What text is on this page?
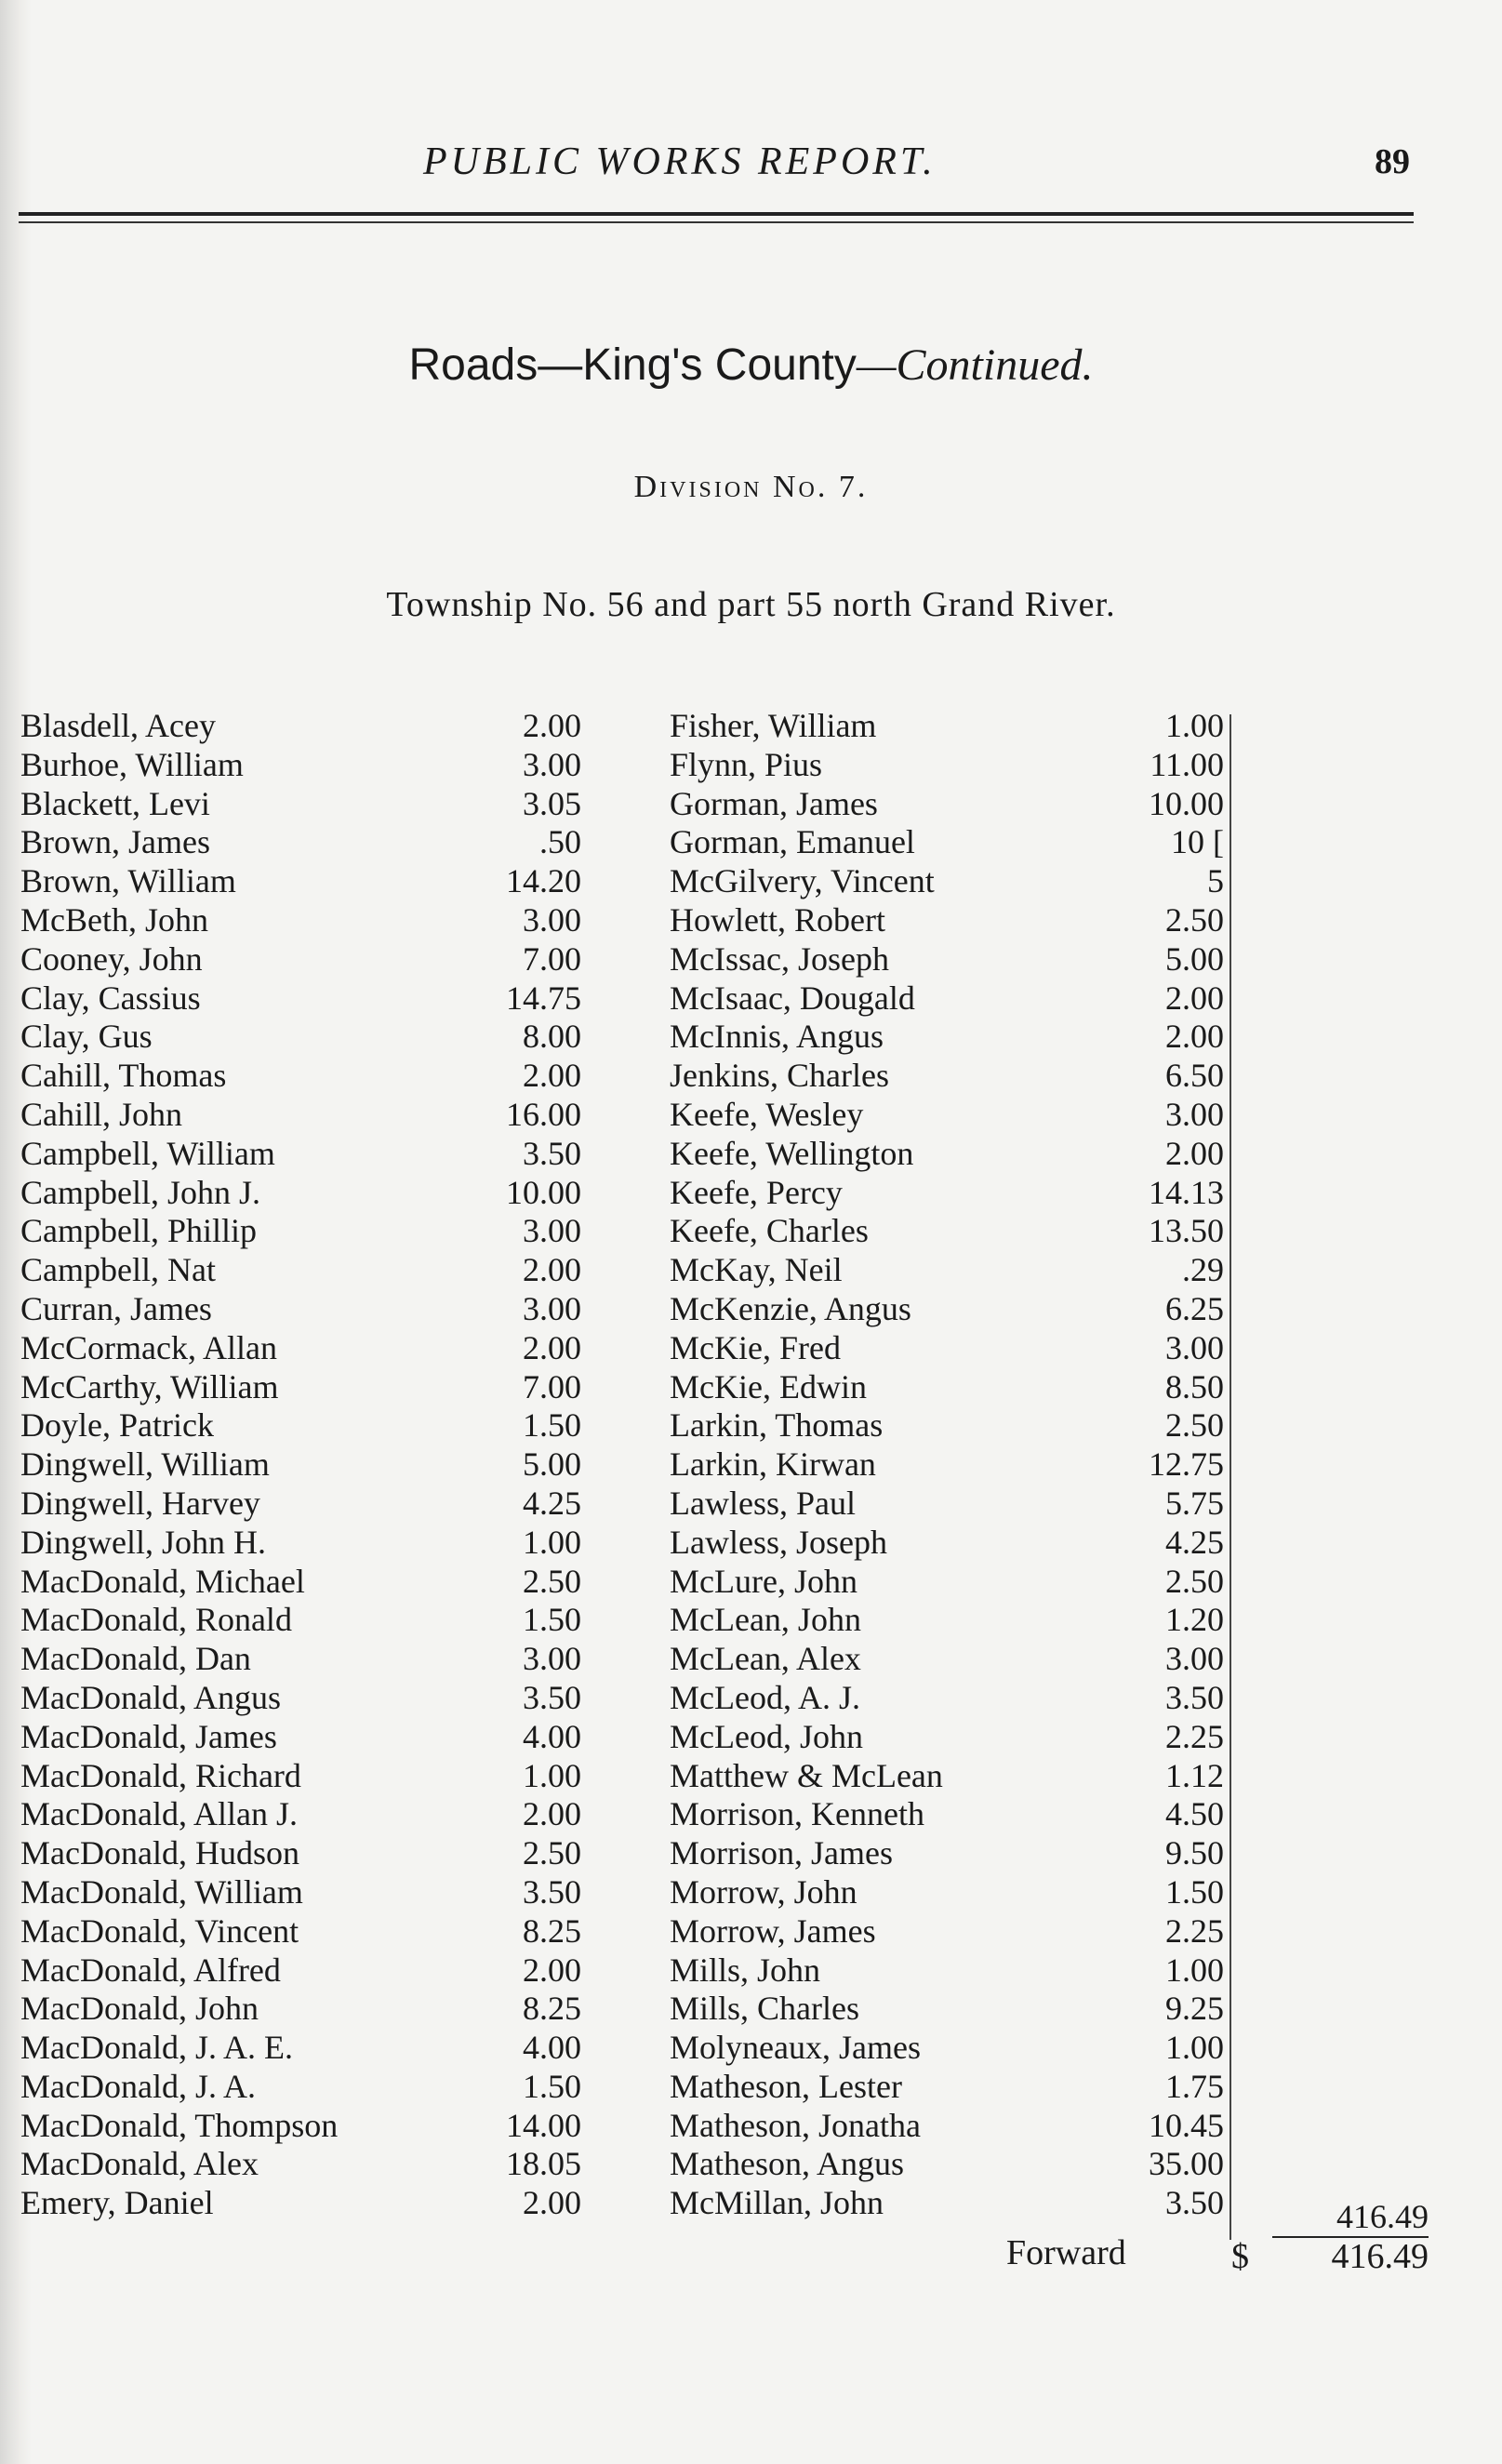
PUBLIC WORKS REPORT.	89
Roads—King's County—Continued.
Division No. 7.
Township No. 56 and part 55 north Grand River.
Blasdell, Acey	2.00	Fisher, William	1.00
Burhoe, William	3.00	Flynn, Pius	11.00
Blackett, Levi	3.05	Gorman, James	10.00
Brown, James	.50	Gorman, Emanuel	10 [
Brown, William	14.20	McGilvery, Vincent	5
McBeth, John	3.00	Howlett, Robert	2.50
Cooney, John	7.00	McIssac, Joseph	5.00
Clay, Cassius	14.75	McIsaac, Dougald	2.00
Clay, Gus	8.00	McInnis, Angus	2.00
Cahill, Thomas	2.00	Jenkins, Charles	6.50
Cahill, John	16.00	Keefe, Wesley	3.00
Campbell, William	3.50	Keefe, Wellington	2.00
Campbell, John J.	10.00	Keefe, Percy	14.13
Campbell, Phillip	3.00	Keefe, Charles	13.50
Campbell, Nat	2.00	McKay, Neil	.29
Curran, James	3.00	McKenzie, Angus	6.25
McCormack, Allan	2.00	McKie, Fred	3.00
McCarthy, William	7.00	McKie, Edwin	8.50
Doyle, Patrick	1.50	Larkin, Thomas	2.50
Dingwell, William	5.00	Larkin, Kirwan	12.75
Dingwell, Harvey	4.25	Lawless, Paul	5.75
Dingwell, John H.	1.00	Lawless, Joseph	4.25
MacDonald, Michael	2.50	McLure, John	2.50
MacDonald, Ronald	1.50	McLean, John	1.20
MacDonald, Dan	3.00	McLean, Alex	3.00
MacDonald, Angus	3.50	McLeod, A. J.	3.50
MacDonald, James	4.00	McLeod, John	2.25
MacDonald, Richard	1.00	Matthew & McLean	1.12
MacDonald, Allan J.	2.00	Morrison, Kenneth	4.50
MacDonald, Hudson	2.50	Morrison, James	9.50
MacDonald, William	3.50	Morrow, John	1.50
MacDonald, Vincent	8.25	Morrow, James	2.25
MacDonald, Alfred	2.00	Mills, John	1.00
MacDonald, John	8.25	Mills, Charles	9.25
MacDonald, J. A. E.	4.00	Molyneaux, James	1.00
MacDonald, J. A.	1.50	Matheson, Lester	1.75
MacDonald, Thompson	14.00	Matheson, Jonatha	10.45
MacDonald, Alex	18.05	Matheson, Angus	35.00
Emery, Daniel	2.00	McMillan, John	3.50	416.49
Forward	$	416.49
